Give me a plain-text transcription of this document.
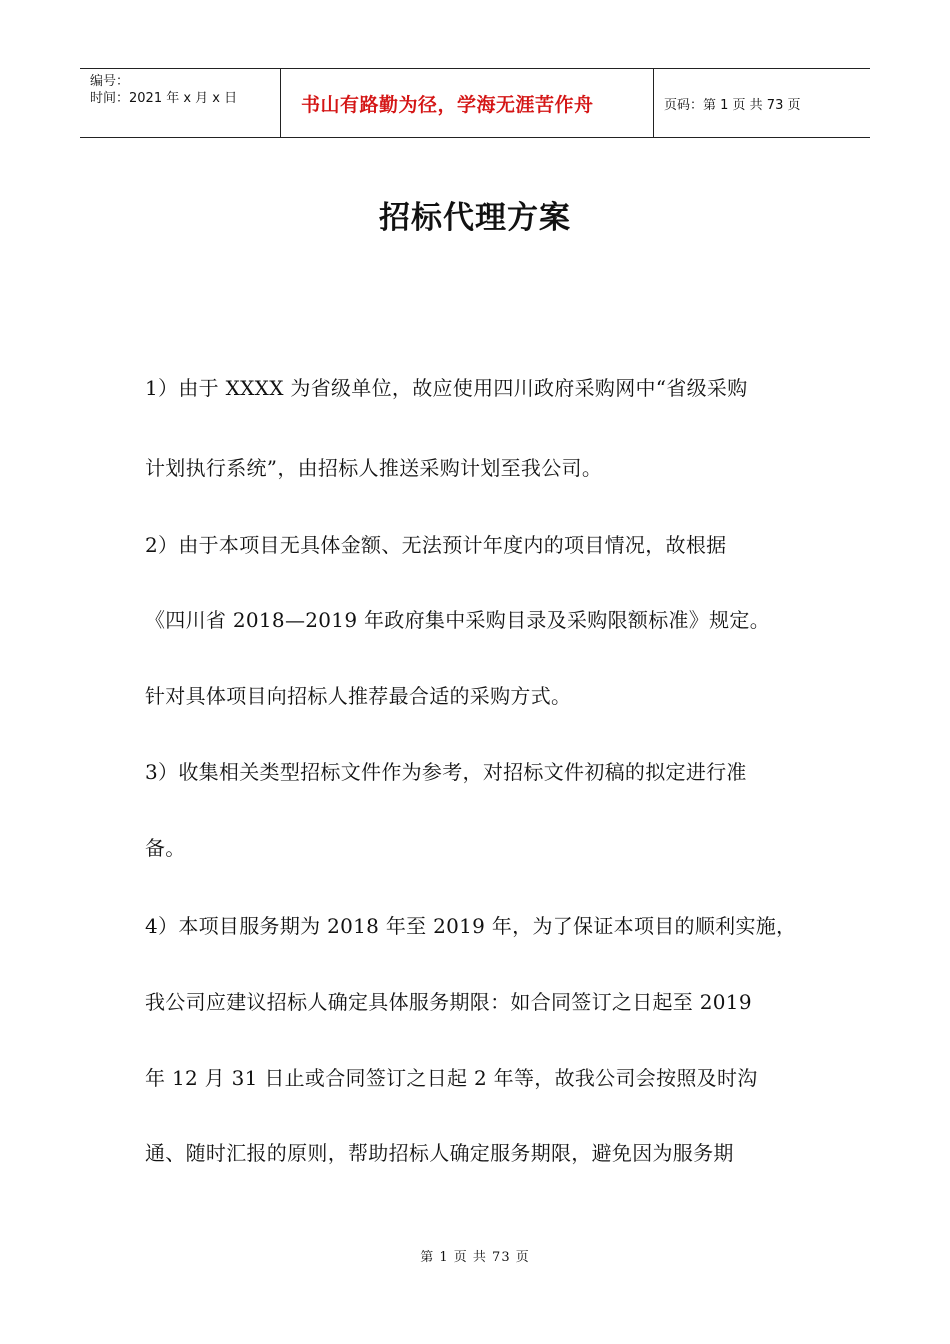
编号：
时间：2021 年 x 月 x 日	书山有路勤为径，学海无涯苦作舟	页码：第 1 页 共 73 页
招标代理方案
1）由于 XXXX 为省级单位，故应使用四川政府采购网中“省级采购
计划执行系统”，由招标人推送采购计划至我公司。
2）由于本项目无具体金额、无法预计年度内的项目情况，故根据
《四川省 2018—2019 年政府集中采购目录及采购限额标准》规定。
针对具体项目向招标人推荐最合适的采购方式。
3）收集相关类型招标文件作为参考，对招标文件初稿的拟定进行准
备。
4）本项目服务期为 2018 年至 2019 年，为了保证本项目的顺利实施，
我公司应建议招标人确定具体服务期限：如合同签订之日起至 2019
年 12 月 31 日止或合同签订之日起 2 年等，故我公司会按照及时沟
通、随时汇报的原则，帮助招标人确定服务期限，避免因为服务期
第 1 页 共 73 页
